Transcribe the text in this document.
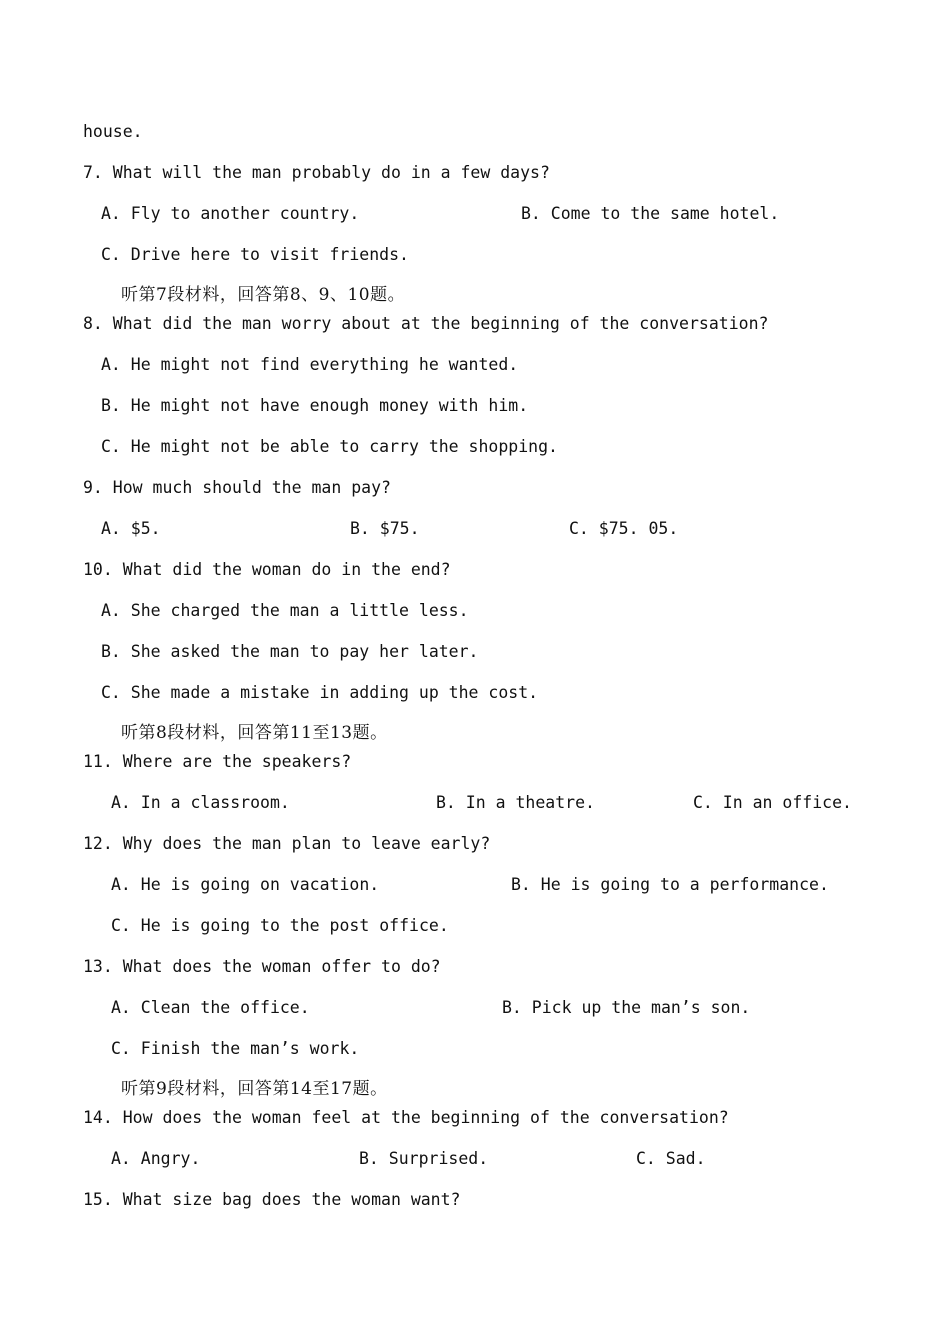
house.
7. What will the man probably do in a few days?
A. Fly to another country.	B. Come to the same hotel.
C. Drive here to visit friends.
听第7段材料，回答第8、9、10题。
8. What did the man worry about at the beginning of the conversation?
A. He might not find everything he wanted.
B. He might not have enough money with him.
C. He might not be able to carry the shopping.
9. How much should the man pay?
A. $5.	B. $75.	C. $75. 05.
10. What did the woman do in the end?
A. She charged the man a little less.
B. She asked the man to pay her later.
C. She made a mistake in adding up the cost.
听第8段材料，回答第11至13题。
11. Where are the speakers?
A. In a classroom.	B. In a theatre.	C. In an office.
12. Why does the man plan to leave early?
A. He is going on vacation.	B. He is going to a performance.
C. He is going to the post office.
13. What does the woman offer to do?
A. Clean the office.	B. Pick up the man’s son.
C. Finish the man’s work.
听第9段材料，回答第14至17题。
14. How does the woman feel at the beginning of the conversation?
A. Angry.	B. Surprised.	C. Sad.
15. What size bag does the woman want?
